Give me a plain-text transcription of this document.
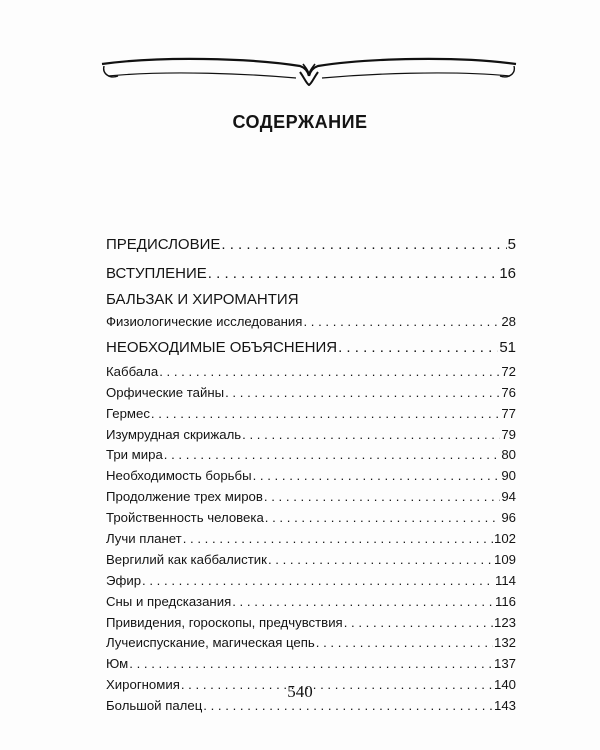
СОДЕРЖАНИЕ
ПРЕДИСЛОВИЕ . . .	5
ВСТУПЛЕНИЕ . . .	16
БАЛЬЗАК И ХИРОМАНТИЯ
Физиологические исследования . . .	28
НЕОБХОДИМЫЕ ОБЪЯСНЕНИЯ . . .	51
Каббала . . .	72
Орфические тайны . . .	76
Гермес . . .	77
Изумрудная скрижаль . . .	79
Три мира . . .	80
Необходимость борьбы . . .	90
Продолжение трех миров . . .	94
Тройственность человека . . .	96
Лучи планет . . .	102
Вергилий как каббалистик . . .	109
Эфир . . .	114
Сны и предсказания . . .	116
Привидения, гороскопы, предчувствия . . .	123
Лучеиспускание, магическая цепь . . .	132
Юм . . .	137
Хирогномия . . .	140
Большой палец . . .	143
540
